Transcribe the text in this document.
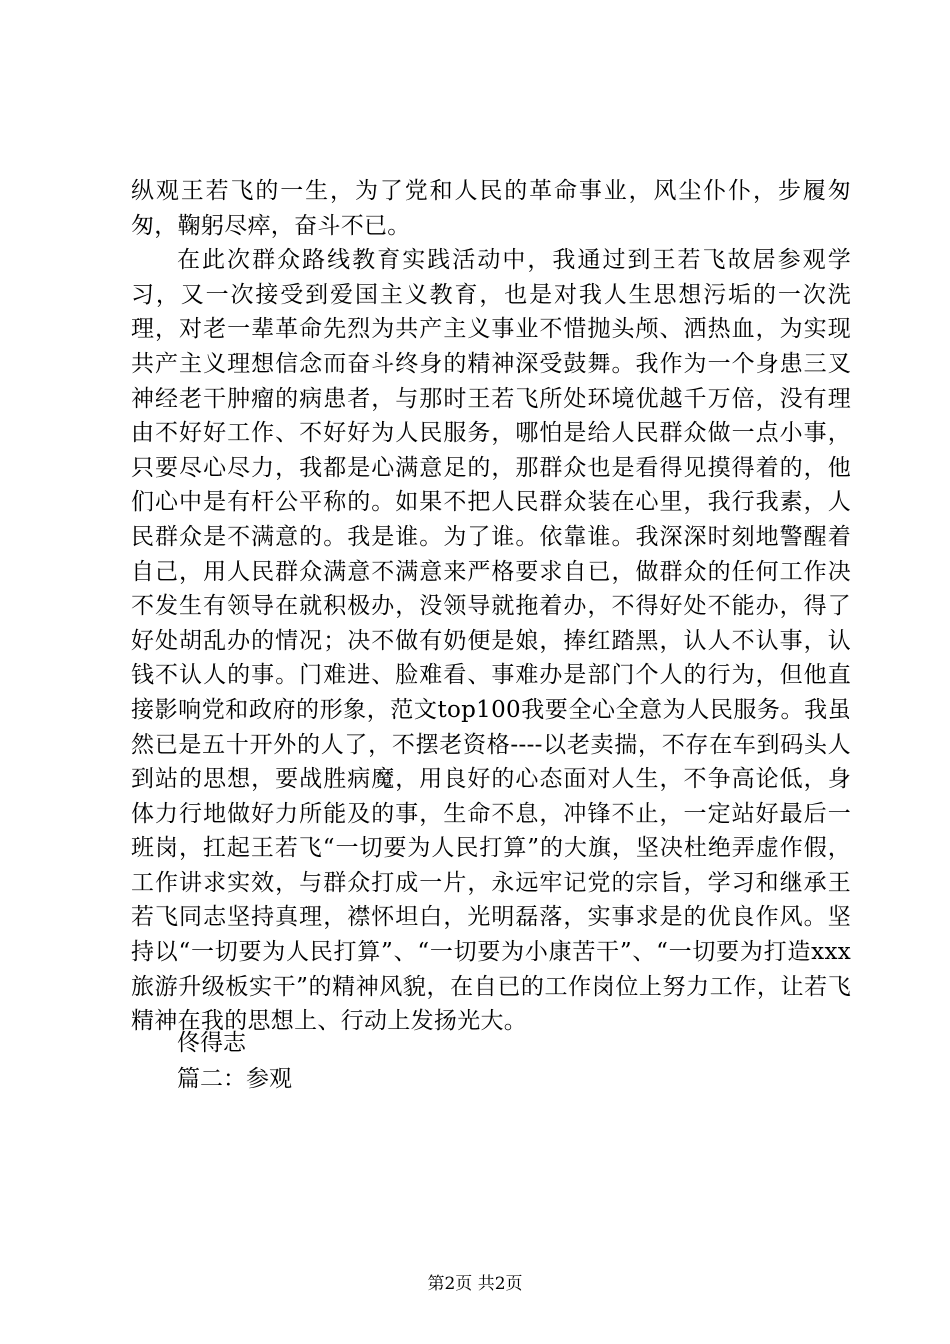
纵观王若飞的一生，为了党和人民的革命事业，风尘仆仆，步履匆匆，鞠躬尽瘁，奋斗不已。

在此次群众路线教育实践活动中，我通过到王若飞故居参观学习，又一次接受到爱国主义教育，也是对我人生思想污垢的一次洗理，对老一辈革命先烈为共产主义事业不惜抛头颅、洒热血，为实现共产主义理想信念而奋斗终身的精神深受鼓舞。我作为一个身患三叉神经老干肿瘤的病患者，与那时王若飞所处环境优越千万倍，没有理由不好好工作、不好好为人民服务，哪怕是给人民群众做一点小事，只要尽心尽力，我都是心满意足的，那群众也是看得见摸得着的，他们心中是有杆公平称的。如果不把人民群众装在心里，我行我素，人民群众是不满意的。我是谁。为了谁。依靠谁。我深深时刻地警醒着自己，用人民群众满意不满意来严格要求自已，做群众的任何工作决不发生有领导在就积极办，没领导就拖着办，不得好处不能办，得了好处胡乱办的情况；决不做有奶便是娘，捧红踏黑，认人不认事，认钱不认人的事。门难进、脸难看、事难办是部门个人的行为，但他直接影响党和政府的形象，范文top100我要全心全意为人民服务。我虽然已是五十开外的人了，不摆老资格----以老卖揣，不存在车到码头人到站的思想，要战胜病魔，用良好的心态面对人生，不争高论低，身体力行地做好力所能及的事，生命不息，冲锋不止，一定站好最后一班岗，扛起王若飞“一切要为人民打算”的大旗，坚决杜绝弄虚作假，工作讲求实效，与群众打成一片，永远牢记党的宗旨，学习和继承王若飞同志坚持真理，襟怀坦白，光明磊落，实事求是的优良作风。坚持以“一切要为人民打算”、“一切要为小康苦干”、“一切要为打造xxx旅游升级板实干”的精神风貌，在自已的工作岗位上努力工作，让若飞精神在我的思想上、行动上发扬光大。

佟得志
篇二：参观
第2页 共2页
